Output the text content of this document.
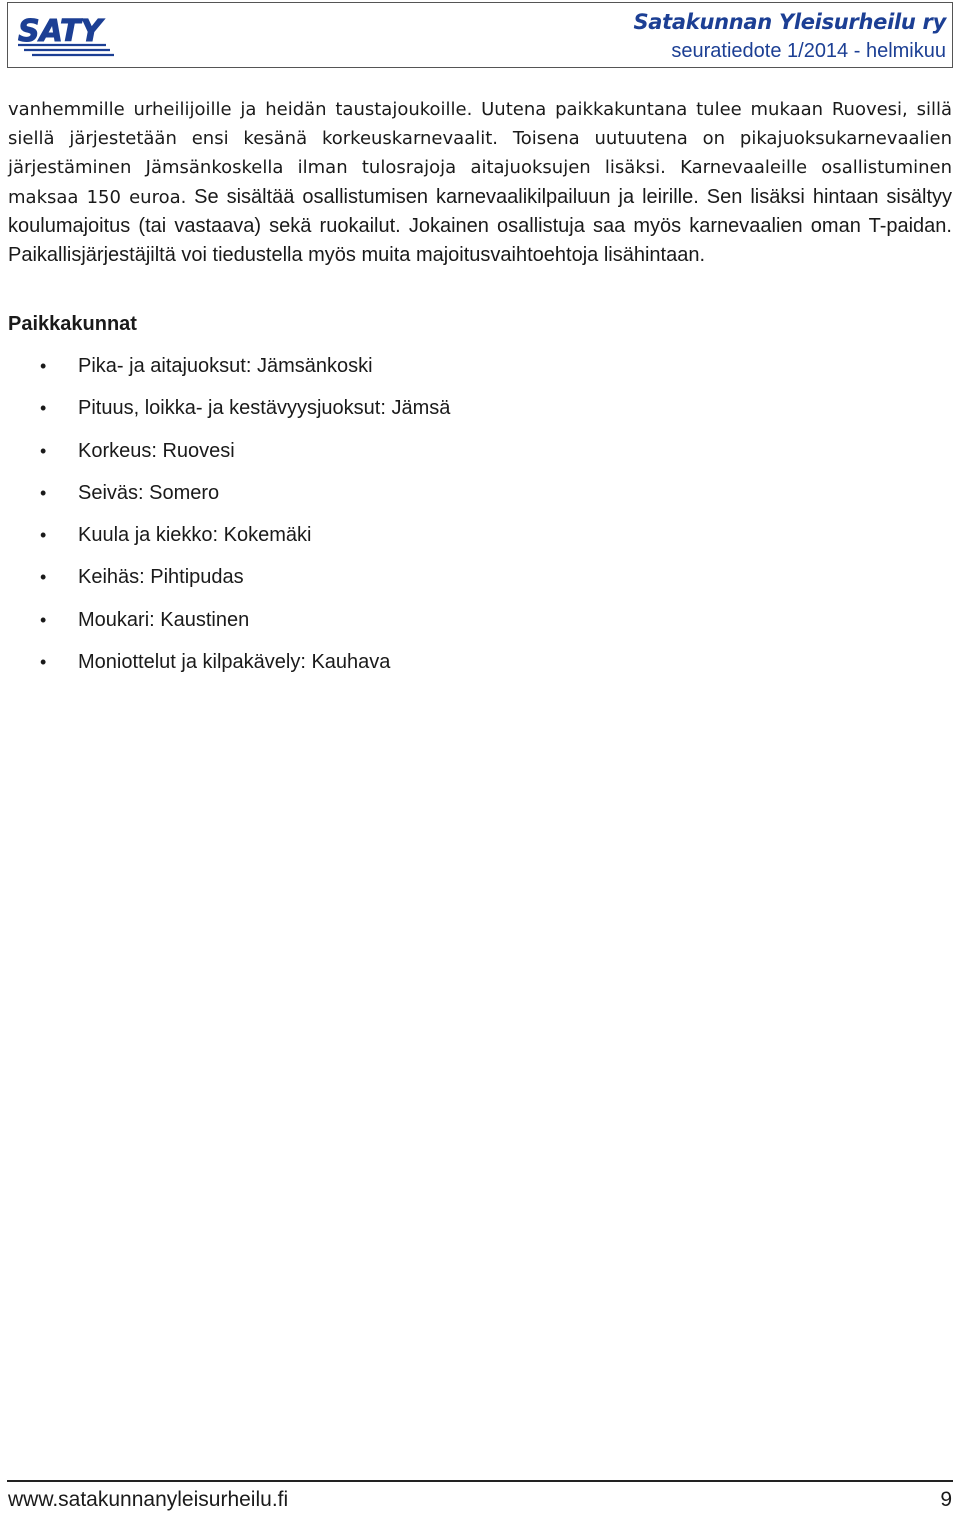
SATY	Satakunnan Yleisurheilu ry
seuratiedote 1/2014 - helmikuu

vanhemmille urheilijoille ja heidän taustajoukoille. Uutena paikkakuntana tulee mukaan Ruovesi, sillä siellä järjestetään ensi kesänä korkeuskarnevaalit. Toisena uutuutena on pikajuoksukarnevaalien järjestäminen Jämsänkoskella ilman tulosrajoja aitajuoksujen lisäksi. Karnevaaleille osallistuminen maksaa 150 euroa. Se sisältää osallistumisen karnevaalikilpailuun ja leirille. Sen lisäksi hintaan sisältyy koulumajoitus (tai vastaava) sekä ruokailut. Jokainen osallistuja saa myös karnevaalien oman T-paidan. Paikallisjärjestäjiltä voi tiedustella myös muita majoitusvaihtoehtoja lisähintaan.

Paikkakunnat
• Pika- ja aitajuoksut: Jämsänkoski
• Pituus, loikka- ja kestävyysjuoksut: Jämsä
• Korkeus: Ruovesi
• Seiväs: Somero
• Kuula ja kiekko: Kokemäki
• Keihäs: Pihtipudas
• Moukari: Kaustinen
• Moniottelut ja kilpakävely: Kauhava
www.satakunnanyleisurheilu.fi	9
